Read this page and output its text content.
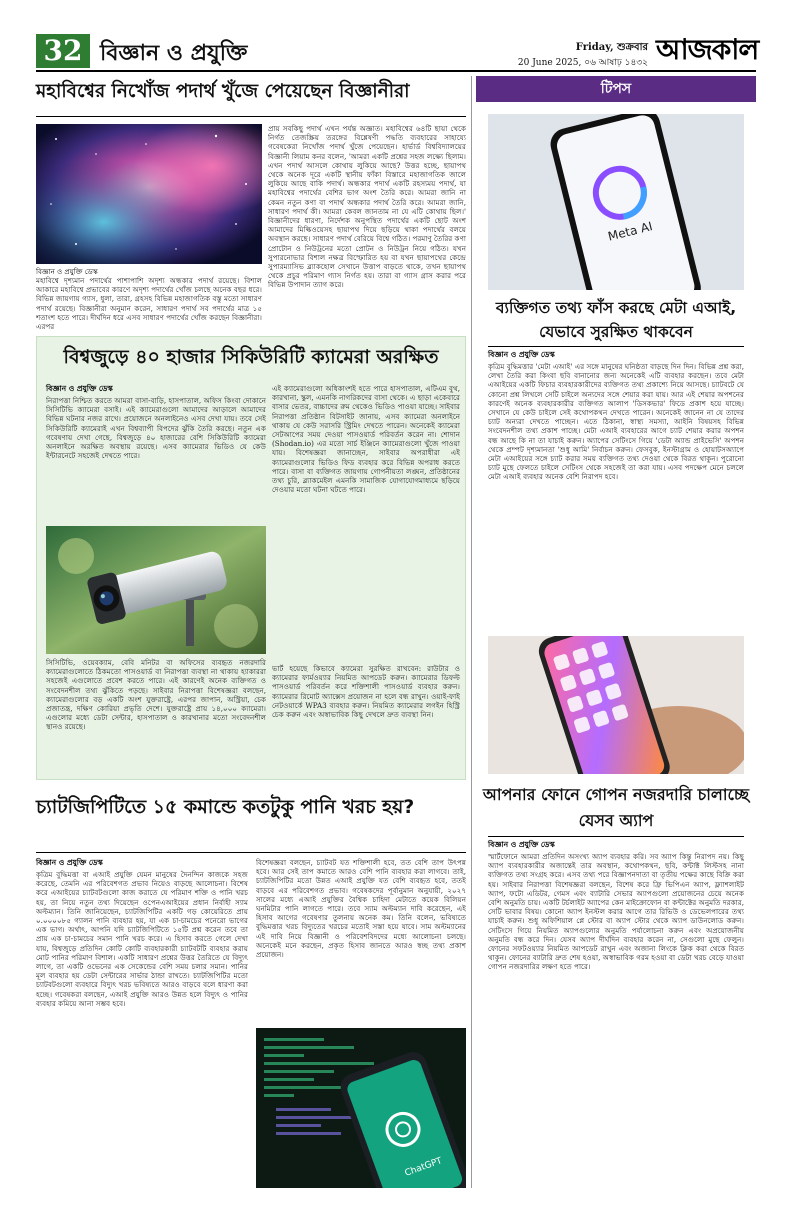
32 বিজ্ঞান ও প্রযুক্তি	Friday, শুক্রবার
20 June 2025, ০৬ আষাঢ় ১৪৩২ আজকাল
মহাবিশ্বের নিখোঁজ পদার্থ খুঁজে পেয়েছেন বিজ্ঞানীরা
বিজ্ঞান ও প্রযুক্তি ডেস্ক
মহাবিশ্বে দৃশ্যমান পদার্থের পাশাপাশি অদৃশ্য অন্ধকার পদার্থ রয়েছে। বিশাল আকারে মহাবিশ্বে প্রভাবের কারণে অদৃশ্য পদার্থের খোঁজ চলছে অনেক বছর ধরে। বিভিন্ন জায়গায় গ্যাস, ধুলা, তারা, গ্রহসহ বিভিন্ন মহাজাগতিক বস্তু মতো সাধারণ পদার্থ রয়েছে। বিজ্ঞানীরা অনুমান করেন, সাধারণ পদার্থ সব পদার্থের মাত্র ১৫ শতাংশ হতে পারে। দীর্ঘদিন ধরে এসব সাধারণ পদার্থের খোঁজ করছেন বিজ্ঞানীরা। এরপর
প্রায় সবকিছু পদার্থ এখন পর্যন্ত অজ্ঞাত। মহাবিশ্বের ৬৪টি ছায়া থেকে নির্গত তেজস্ক্রিয় তরঙ্গের বিশ্লেষণী পদ্ধতি ব্যবহারের সাহায্যে গবেষকেরা নিখোঁজ পদার্থ খুঁজে পেয়েছেন। হার্ভার্ড বিশ্ববিদ্যালয়ের বিজ্ঞানী লিয়াম কনর বলেন, 'আমরা একটি প্রশ্নের সহজ লক্ষ্যে ছিলাম। এখন পদার্থ আসলে কোথায় লুকিয়ে আছে? উত্তর হচ্ছে, ছায়াপথ থেকে অনেক দূরে একটি স্থানীয় ফাঁকা বিস্তারে মহাজাগতিক জালে লুকিয়ে আছে বাকি পদার্থ। অন্ধকার পদার্থ একটি রহস্যময় পদার্থ, যা মহাবিশ্বের পদার্থের বেশির ভাগ অংশ তৈরি করে। আমরা জানি না কেমন নতুন কণা বা পদার্থ অন্ধকার পদার্থ তৈরি করে। আমরা জানি, সাধারণ পদার্থ কী। আমরা কেবল জানতাম না যে এটি কোথায় ছিল।' বিজ্ঞানীদের ধারণা, নির্দেশক অনুপস্থিত পদার্থের একটি ছোট অংশ আমাদের মিল্কিওয়েসহ ছায়াপথ দিয়ে ছড়িয়ে থাকা পদার্থের বলয়ে অবস্থান করছে। সাধারণ পদার্থ বেরিয়ে বিশ্বে গঠিত। পরমাণু তৈরির কণা প্রোটোন ও নিউট্রনের মতো প্রোটন ও নিউট্রন নিয়ে গঠিত। যখন সুপারনোভার বিশাল নক্ষত্র বিস্ফোরিত হয় বা যখন ছায়াপথের কেন্দ্রে সুপারম্যাসিভ ব্ল্যাকহোল সেখানে উত্তাপ বাড়তে থাকে, তখন ছায়াপথ থেকে প্রচুর পরিমাণ গ্যাস নির্গত হয়। তারা বা গ্যাস গ্রাস করার পরে বিভিন্ন উপাদান ত্যাগ করে।
বিশ্বজুড়ে ৪০ হাজার সিকিউরিটি ক্যামেরা অরক্ষিত
বিজ্ঞান ও প্রযুক্তি ডেস্ক
নিরাপত্তা নিশ্চিত করতে আমরা বাসা-বাড়ি, হাসপাতাল, অফিস কিংবা দোকানে সিসিটিভি ক্যামেরা বসাই। এই ক্যামেরাগুলো আমাদের আড়ালে আমাদের বিভিন্ন ঘটনার নজর রাখে। প্রয়োজনে অনলাইনেও এসব দেখা যায়। তবে সেই সিকিউরিটি ক্যামেরাই এখন বিশ্বব্যাপী বিপদের ঝুঁকি তৈরি করছে। নতুন এক গবেষণায় দেখা গেছে, বিশ্বজুড়ে ৪০ হাজারের বেশি সিকিউরিটি ক্যামেরা অনলাইনে অরক্ষিত অবস্থায় রয়েছে। এসব ক্যামেরার ভিডিও যে কেউ ইন্টারনেটে সহজেই দেখতে পারে।
সিসিটিভি, ওয়েবক্যাম, বেবি মনিটর বা অফিসের ব্যবহৃত নজরদারি ক্যামেরাগুলোতে ঠিকমতো পাসওয়ার্ড বা নিরাপত্তা ব্যবস্থা না থাকায় হ্যাকাররা সহজেই এগুলোতে প্রবেশ করতে পারে। এই কারণেই অনেক ব্যক্তিগত ও সংবেদনশীল তথ্য ঝুঁকিতে পড়ছে। সাইবার নিরাপত্তা বিশেষজ্ঞরা বলছেন, ক্যামেরাগুলোর বড় একটি অংশ যুক্তরাষ্ট্রে, এরপর জাপান, অস্ট্রিয়া, চেক প্রজাতন্ত্র, দক্ষিণ কোরিয়া প্রভৃতি দেশে। যুক্তরাষ্ট্রে প্রায় ১৪,০০০ ক্যামেরা। এগুলোর মধ্যে ডেটা সেন্টার, হাসপাতাল ও কারখানার মতো সংবেদনশীল স্থানও রয়েছে।
এই ক্যামেরাগুলো অধিকাংশই হতে পারে হাসপাতাল, এটিএম বুথ, কারখানা, স্কুল, এমনকি নাগরিকদের বাসা থেকে। এ ছাড়া একেবারে বাসার ভেতর, বাচ্চাদের রুম থেকেও ভিডিও পাওয়া যাচ্ছে। সাইবার নিরাপত্তা প্রতিষ্ঠান বিটসাইট জানায়, এসব ক্যামেরা অনলাইনে থাকায় যে কেউ সরাসরি স্ট্রিমিং দেখতে পারেন। অনেকেই ক্যামেরা সেটআপের সময় দেওয়া পাসওয়ার্ড পরিবর্তন করেন না। শোদান (Shodan.io) এর মতো সার্চ ইঞ্জিনে ক্যামেরাগুলো খুঁজে পাওয়া যায়। বিশেষজ্ঞরা জানাচ্ছেন, সাইবার অপরাধীরা এই ক্যামেরাগুলোর ভিডিও ফিড ব্যবহার করে বিভিন্ন অপরাধ করতে পারে। বাসা বা ব্যক্তিগত জায়গায় গোপনীয়তা লঙ্ঘন, প্রতিষ্ঠানের তথ্য চুরি, ব্ল্যাকমেইল এমনকি সামাজিক যোগাযোগমাধ্যমে ছড়িয়ে দেওয়ার মতো ঘটনা ঘটতে পারে।
ভার্ট হয়েছে কিভাবে ক্যামেরা সুরক্ষিত রাখবেন: রাউটার ও ক্যামেরার ফার্মওয়্যার নিয়মিত আপডেট করুন। ক্যামেরার ডিফল্ট পাসওয়ার্ড পরিবর্তন করে শক্তিশালী পাসওয়ার্ড ব্যবহার করুন। ক্যামেরার রিমোট অ্যাক্সেস প্রয়োজন না হলে বন্ধ রাখুন। ওয়াই-ফাই নেটওয়ার্কে WPA3 ব্যবহার করুন। নিয়মিত ক্যামেরার লগইন হিস্ট্রি চেক করুন এবং অস্বাভাবিক কিছু দেখলে দ্রুত ব্যবস্থা নিন।
চ্যাটজিপিটিতে ১৫ কমান্ডে কতটুকু পানি খরচ হয়?
বিজ্ঞান ও প্রযুক্তি ডেস্ক
কৃত্রিম বুদ্ধিমত্তা বা এআই প্রযুক্তি যেমন মানুষের দৈনন্দিন কাজকে সহজ করেছে, তেমনি এর পরিবেশগত প্রভাব নিয়েও বাড়ছে আলোচনা। বিশেষ করে এআইয়ের চ্যাটবটগুলো কাজ করাতে যে পরিমাণ শক্তি ও পানি খরচ হয়, তা নিয়ে নতুন তথ্য দিয়েছেন ওপেনএআইয়ের প্রধান নির্বাহী স্যাম অল্টম্যান। তিনি জানিয়েছেন, চ্যাটজিপিটির একটি গড় কোয়েরিতে প্রায় ০.০০০০৮৫ গ্যালন পানি ব্যবহার হয়, যা এক চা-চামচের পনেরো ভাগের এক ভাগ। অর্থাৎ, আপনি যদি চ্যাটজিপিটিতে ১৫টি প্রশ্ন করেন তবে তা প্রায় এক চা-চামচের সমান পানি খরচ করে। এ হিসাব করতে গেলে দেখা যায়, বিশ্বজুড়ে প্রতিদিন কোটি কোটি ব্যবহারকারী চ্যাটবটটি ব্যবহার করায় মোট পানির পরিমাণ বিশাল। একটি সাধারণ প্রশ্নের উত্তর তৈরিতে যে বিদ্যুৎ লাগে, তা একটি ওভেনের এক সেকেন্ডের বেশি সময় চলার সমান। পানির মূল ব্যবহার হয় ডেটা সেন্টারের সার্ভার ঠান্ডা রাখতে। চ্যাটজিপিটির মতো চ্যাটবটগুলো ব্যবহারে বিদ্যুৎ খরচ ভবিষ্যতে আরও বাড়বে বলে ধারণা করা হচ্ছে। গবেষকরা বলছেন, এআই প্রযুক্তি আরও উন্নত হলে বিদ্যুৎ ও পানির ব্যবহার কমিয়ে আনা সম্ভব হবে।
বিশেষজ্ঞরা বলছেন, চ্যাটবট যত শক্তিশালী হবে, তত বেশি তাপ উৎপন্ন হবে। আর সেই তাপ কমাতে আরও বেশি পানি ব্যবহার করা লাগবে। তাই, চ্যাটজিপিটির মতো উন্নত এআই প্রযুক্তি যত বেশি ব্যবহৃত হবে, ততই বাড়বে এর পরিবেশগত প্রভাব। গবেষকদের পূর্বানুমান অনুযায়ী, ২০২৭ সালের মধ্যে এআই প্রযুক্তির বৈশ্বিক চাহিদা মেটাতে কয়েক বিলিয়ন ঘনমিটার পানি লাগতে পারে। তবে স্যাম অল্টম্যান দাবি করেছেন, এই হিসাব আগের গবেষণার তুলনায় অনেক কম। তিনি বলেন, ভবিষ্যতে বুদ্ধিমত্তার খরচ বিদ্যুতের খরচের মতোই সস্তা হয়ে যাবে। সাম অল্টম্যানের এই দাবি নিয়ে বিজ্ঞানী ও পরিবেশবিদদের মধ্যে আলোচনা চলছে। অনেকেই মনে করছেন, প্রকৃত হিসাব জানতে আরও স্বচ্ছ তথ্য প্রকাশ প্রয়োজন।
ChatGPT
টিপস
Meta AI
ব্যক্তিগত তথ্য ফাঁস করছে মেটা এআই, যেভাবে সুরক্ষিত থাকবেন
বিজ্ঞান ও প্রযুক্তি ডেস্ক
কৃত্রিম বুদ্ধিমত্তার 'মেটা এআই' এর সঙ্গে মানুষের ঘনিষ্ঠতা বাড়ছে দিন দিন। বিভিন্ন প্রশ্ন করা, লেখা তৈরি করা কিংবা ছবি বানানোর জন্য অনেকেই এটি ব্যবহার করছেন। তবে মেটা এআইয়ের একটি ফিচার ব্যবহারকারীদের ব্যক্তিগত তথ্য প্রকাশ্যে নিয়ে আসছে। চ্যাটবটে যে কোনো প্রশ্ন লিখলে সেটি চাইলে অন্যদের সঙ্গে শেয়ার করা যায়। আর এই শেয়ার অপশনের কারণেই অনেক ব্যবহারকারীর ব্যক্তিগত আলাপ 'ডিসকভার' ফিডে প্রকাশ হয়ে যাচ্ছে। সেখানে যে কেউ চাইলে সেই কথোপকথন দেখতে পারেন। অনেকেই জানেন না যে তাদের চ্যাট অন্যরা দেখতে পাচ্ছেন। এতে ঠিকানা, স্বাস্থ্য সমস্যা, আইনি বিষয়সহ বিভিন্ন সংবেদনশীল তথ্য প্রকাশ পাচ্ছে। মেটা এআই ব্যবহারের আগে চ্যাট শেয়ার করার অপশন বন্ধ আছে কি না তা যাচাই করুন। অ্যাপের সেটিংসে গিয়ে 'ডেটা অ্যান্ড প্রাইভেসি' অপশন থেকে প্রম্পট দৃশ্যমানতা 'শুধু আমি' নির্বাচন করুন। ফেসবুক, ইনস্টাগ্রাম ও হোয়াটসঅ্যাপে মেটা এআইয়ের সঙ্গে চ্যাট করার সময় ব্যক্তিগত তথ্য দেওয়া থেকে বিরত থাকুন। পুরোনো চ্যাট মুছে ফেলতে চাইলে সেটিংস থেকে সহজেই তা করা যায়। এসব পদক্ষেপ মেনে চললে মেটা এআই ব্যবহার অনেক বেশি নিরাপদ হবে।
আপনার ফোনে গোপন নজরদারি চালাচ্ছে যেসব অ্যাপ
বিজ্ঞান ও প্রযুক্তি ডেস্ক
স্মার্টফোনে আমরা প্রতিদিন অসংখ্য অ্যাপ ব্যবহার করি। সব অ্যাপ কিন্তু নিরাপদ নয়। কিছু অ্যাপ ব্যবহারকারীর অজান্তেই তার অবস্থান, কথোপকথন, ছবি, কন্টাক্ট লিস্টসহ নানা ব্যক্তিগত তথ্য সংগ্রহ করে। এসব তথ্য পরে বিজ্ঞাপনদাতা বা তৃতীয় পক্ষের কাছে বিক্রি করা হয়। সাইবার নিরাপত্তা বিশেষজ্ঞরা বলছেন, বিশেষ করে ফ্রি ভিপিএন অ্যাপ, ফ্ল্যাশলাইট অ্যাপ, ফটো এডিটর, গেমস এবং ব্যাটারি সেভার অ্যাপগুলো প্রয়োজনের চেয়ে অনেক বেশি অনুমতি চায়। একটি টর্চলাইট অ্যাপের কেন মাইক্রোফোন বা কন্টাক্টের অনুমতি দরকার, সেটি ভাবার বিষয়। কোনো অ্যাপ ইনস্টল করার আগে তার রিভিউ ও ডেভেলপারের তথ্য যাচাই করুন। শুধু অফিশিয়াল প্লে স্টোর বা অ্যাপ স্টোর থেকে অ্যাপ ডাউনলোড করুন। সেটিংসে গিয়ে নিয়মিত অ্যাপগুলোর অনুমতি পর্যালোচনা করুন এবং অপ্রয়োজনীয় অনুমতি বন্ধ করে দিন। যেসব অ্যাপ দীর্ঘদিন ব্যবহার করেন না, সেগুলো মুছে ফেলুন। ফোনের সফটওয়্যার নিয়মিত আপডেট রাখুন এবং অজানা লিংকে ক্লিক করা থেকে বিরত থাকুন। ফোনের ব্যাটারি দ্রুত শেষ হওয়া, অস্বাভাবিক গরম হওয়া বা ডেটা খরচ বেড়ে যাওয়া গোপন নজরদারির লক্ষণ হতে পারে।
